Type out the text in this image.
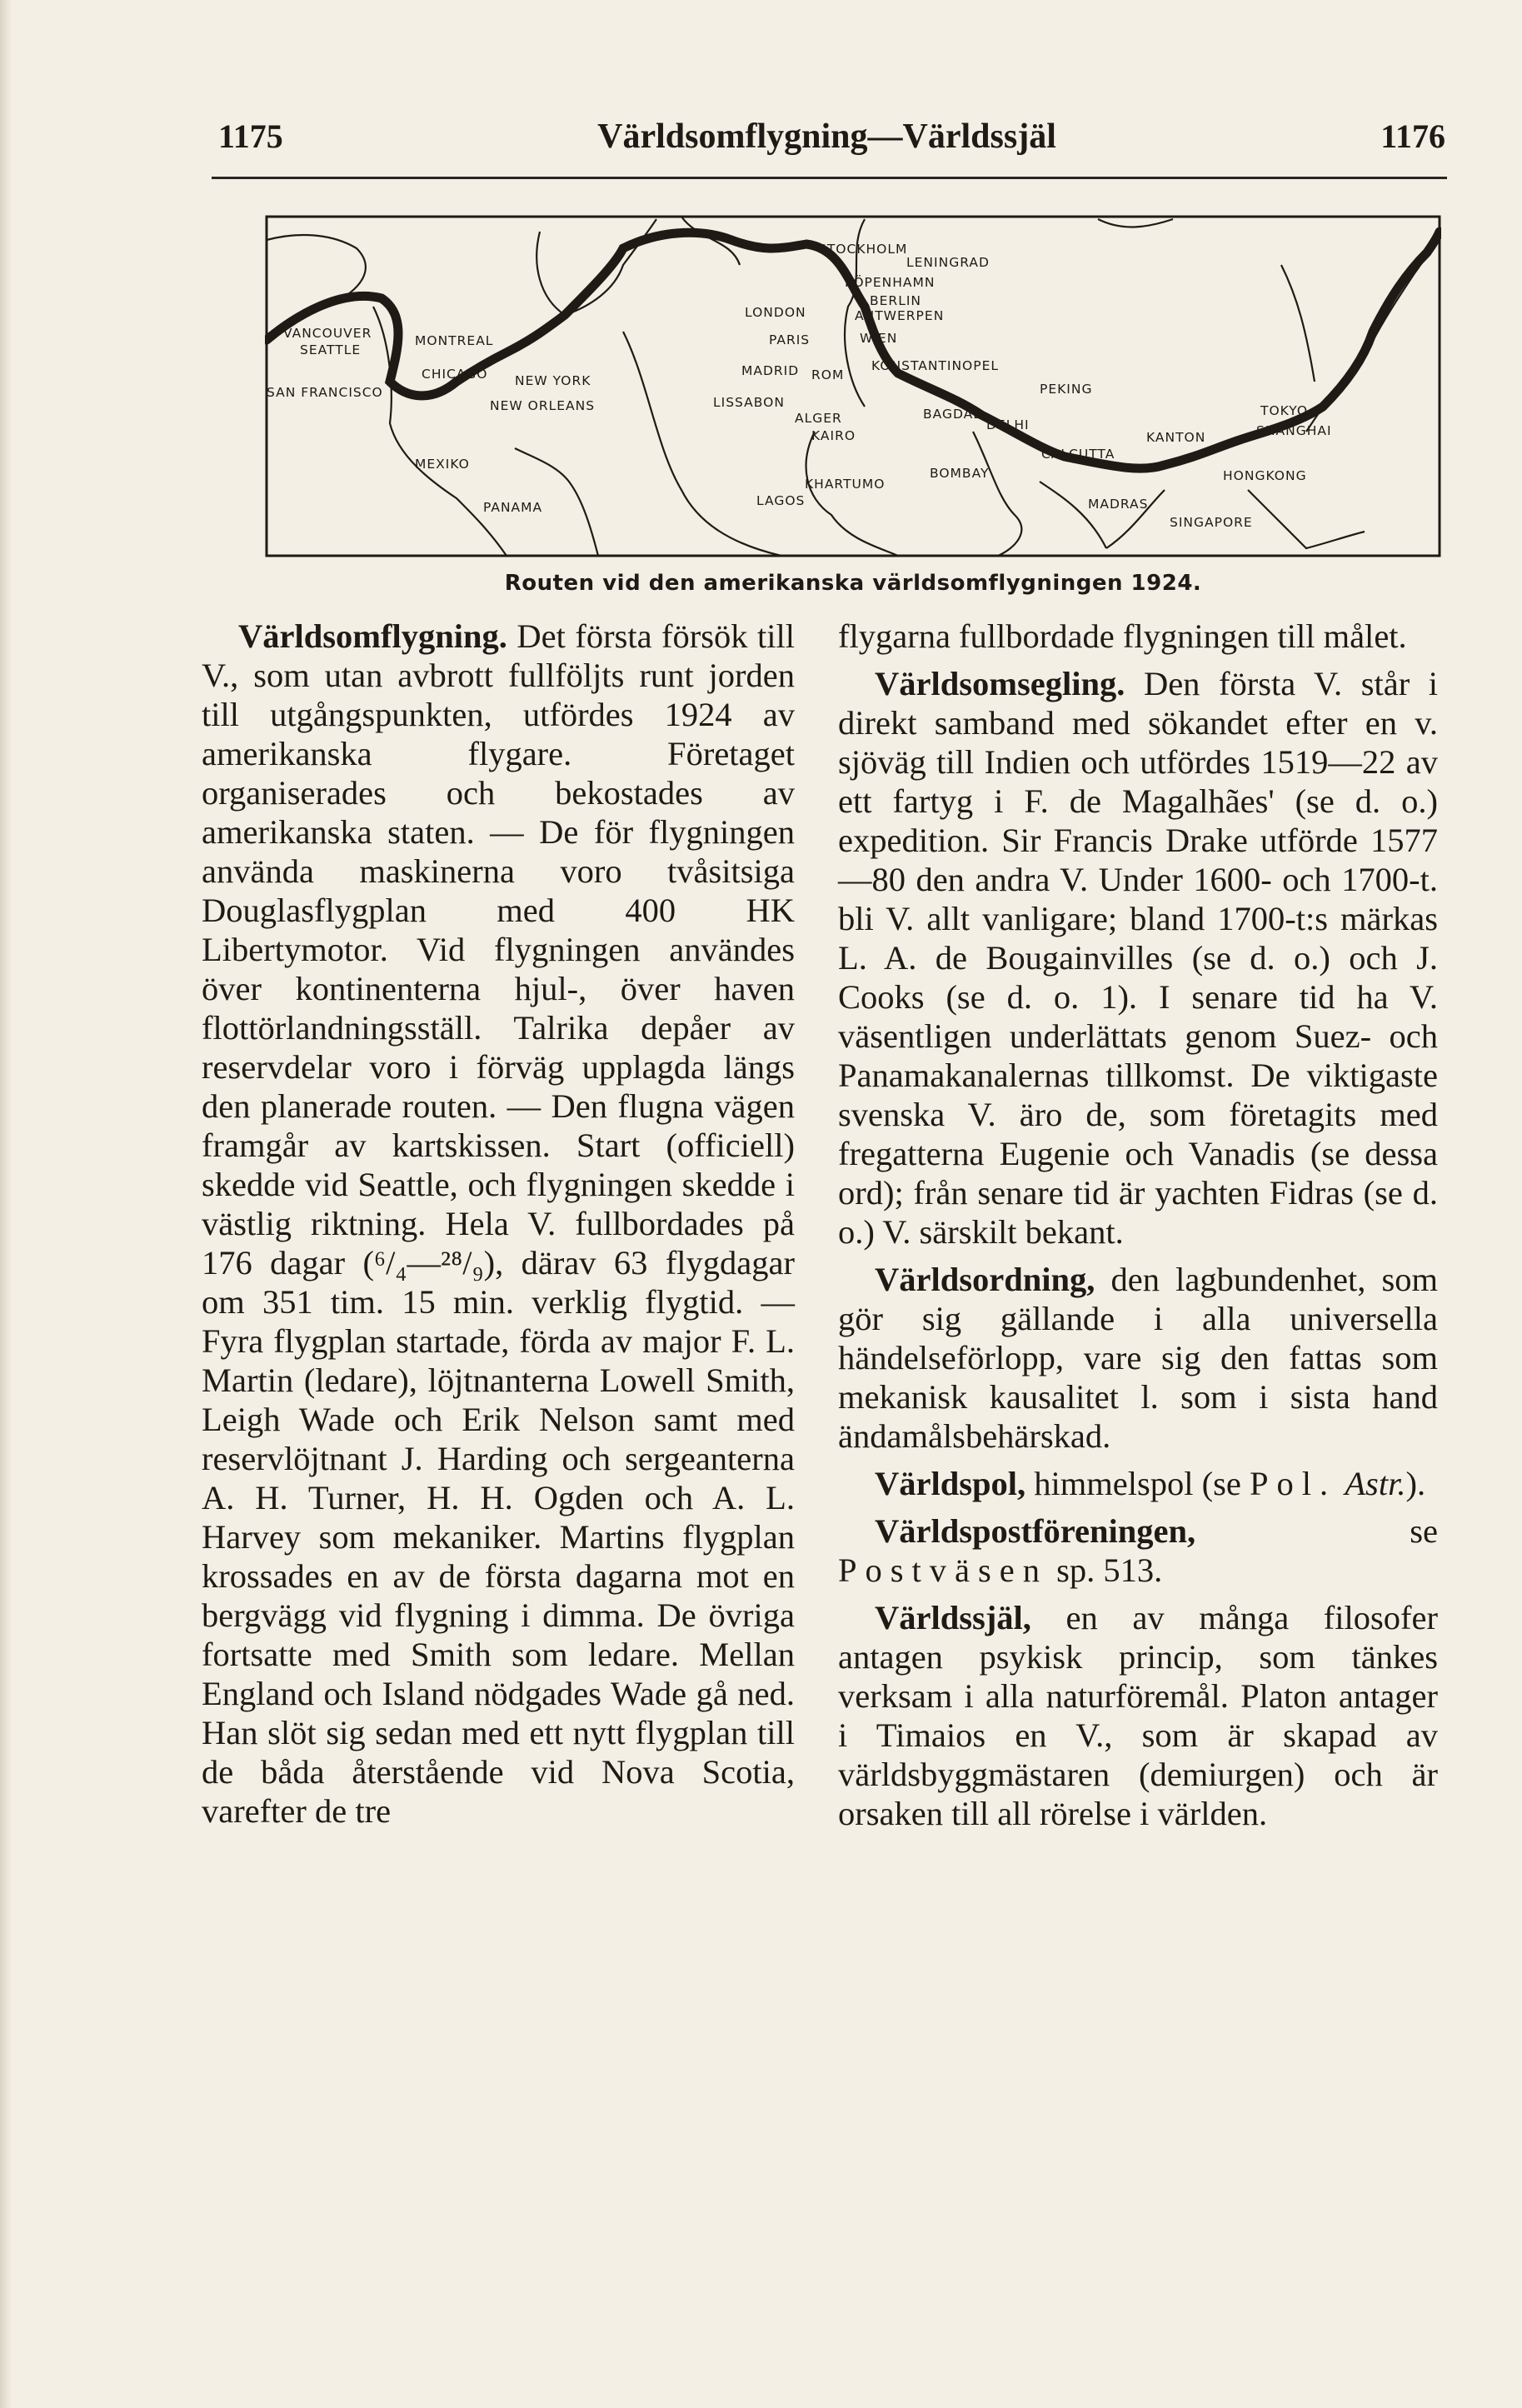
1175	Världsomflygning—Världssjäl	1176
VANCOUVER
SEATTLE
SAN FRANCISCO
MONTREAL
CHICAGO NEW YORK
NEW ORLEANS
MEXIKO
PANAMA
STOCKHOLM
LENINGRAD
KÖPENHAMN
BERLIN
LONDON	ANTWERPEN
PARIS	WIEN
MADRID ROM
KONSTANTINOPEL
LISSABON
ALGER
KAIRO
BAGDAD
DELHI
PEKING
TOKYO
SHANGHAI
KANTON
CALCUTTA
BOMBAY
KHARTUMO
LAGOS	MADRAS
HONGKONG
SINGAPORE
Routen vid den amerikanska världsomflygningen 1924.

Världsomflygning. Det första försök till V., som utan avbrott fullföljts runt jorden till utgångspunkten, utfördes 1924 av amerikanska flygare. Företaget organiserades och bekostades av amerikanska staten. — De för flygningen använda maskinerna voro tvåsitsiga Douglasflygplan med 400 HK Libertymotor. Vid flygningen användes över kontinenterna hjul-, över haven flottörlandningsställ. Talrika depåer av reservdelar voro i förväg upplagda längs den planerade routen. — Den flugna vägen framgår av kartskissen. Start (officiell) skedde vid Seattle, och flygningen skedde i västlig riktning. Hela V. fullbordades på 176 dagar (⁶/₄—²⁸/₉), därav 63 flygdagar om 351 tim. 15 min. verklig flygtid. — Fyra flygplan startade, förda av major F. L. Martin (ledare), löjtnanterna Lowell Smith, Leigh Wade och Erik Nelson samt med reservlöjtnant J. Harding och sergeanterna A. H. Turner, H. H. Ogden och A. L. Harvey som mekaniker. Martins flygplan krossades en av de första dagarna mot en bergvägg vid flygning i dimma. De övriga fortsatte med Smith som ledare. Mellan England och Island nödgades Wade gå ned. Han slöt sig sedan med ett nytt flygplan till de båda återstående vid Nova Scotia, varefter de tre

flygarna fullbordade flygningen till målet.

Världsomsegling. Den första V. står i direkt samband med sökandet efter en v. sjöväg till Indien och utfördes 1519—22 av ett fartyg i F. de Magalhães' (se d. o.) expedition. Sir Francis Drake utförde 1577—80 den andra V. Under 1600- och 1700-t. bli V. allt vanligare; bland 1700-t:s märkas L. A. de Bougainvilles (se d. o.) och J. Cooks (se d. o. 1). I senare tid ha V. väsentligen underlättats genom Suez- och Panamakanalernas tillkomst. De viktigaste svenska V. äro de, som företagits med fregatterna Eugenie och Vanadis (se dessa ord); från senare tid är yachten Fidras (se d. o.) V. särskilt bekant.

Världsordning, den lagbundenhet, som gör sig gällande i alla universella händelseförlopp, vare sig den fattas som mekanisk kausalitet l. som i sista hand ändamålsbehärskad.

Världspol, himmelspol (se Pol. Astr.).

Världspostföreningen, se Postväsen sp. 513.

Världssjäl, en av många filosofer antagen psykisk princip, som tänkes verksam i alla naturföremål. Platon antager i Timaios en V., som är skapad av världsbyggmästaren (demiurgen) och är orsaken till all rörelse i världen.
